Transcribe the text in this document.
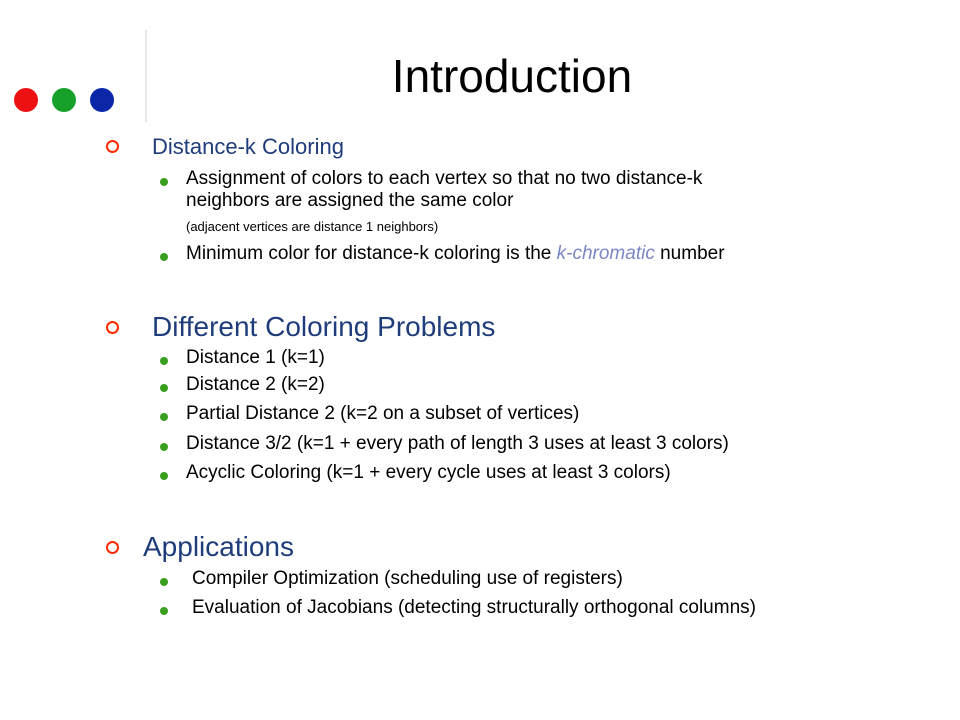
Introduction

Distance-k Coloring

Assignment of colors to each vertex so that no two distance-k

neighbors are assigned the same color

(adjacent vertices are distance 1 neighbors)

Minimum color for distance-k coloring is the k-chromatic number

Different Coloring Problems

Distance 1 (k=1)

Distance 2 (k=2)

Partial Distance 2 (k=2 on a subset of vertices)

Distance 3/2 (k=1 + every path of length 3 uses at least 3 colors)

Acyclic Coloring (k=1 + every cycle uses at least 3 colors)

Applications

Compiler Optimization (scheduling use of registers)

Evaluation of Jacobians (detecting structurally orthogonal columns)
